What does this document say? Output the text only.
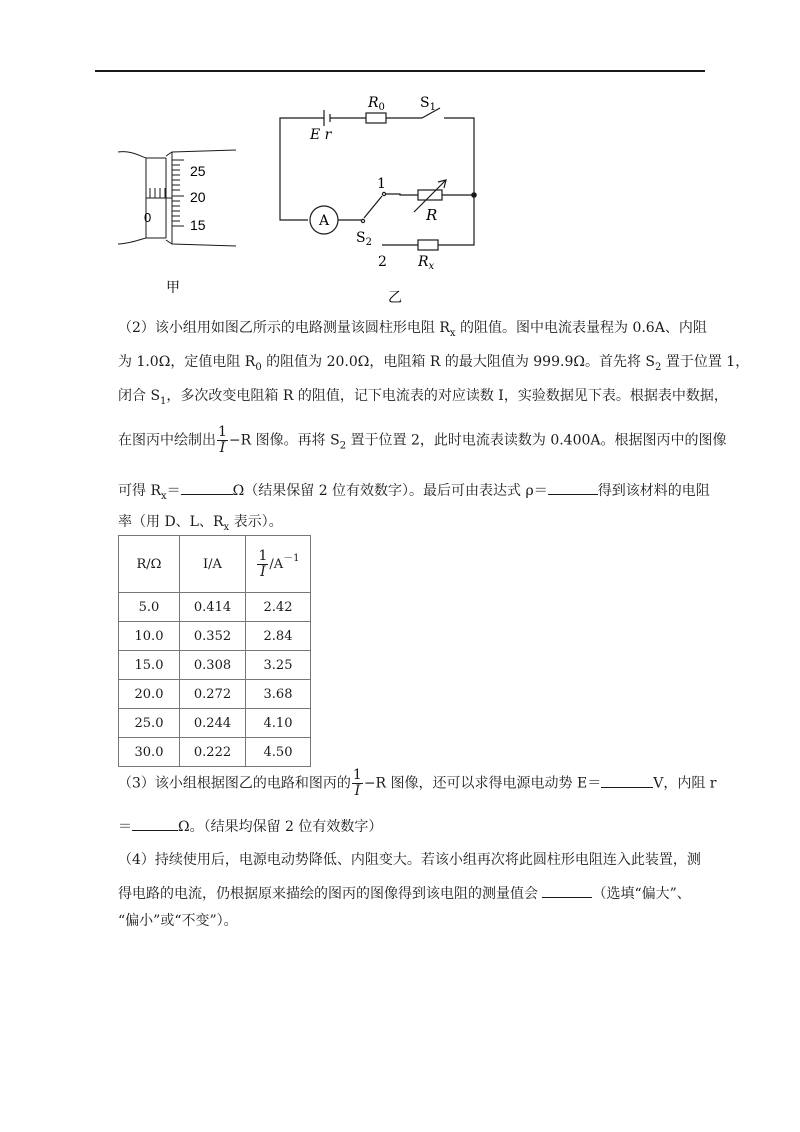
25
20
15
0
甲
E r
$R_0$	$S_1$
A
1
2
$S_2$
R
$R_x$
乙
（2）该小组用如图乙所示的电路测量该圆柱形电阻 $R_x$ 的阻值。图中电流表量程为 0.6A、内阻
为 1.0Ω，定值电阻 $R_0$ 的阻值为 20.0Ω，电阻箱 R 的最大阻值为 999.9Ω。首先将 $S_2$ 置于位置 1，
闭合 $S_1$，多次改变电阻箱 R 的阻值，记下电流表的对应读数 I，实验数据见下表。根据表中数据，
在图丙中绘制出 $\frac{1}{I} -R$ 图像。再将 $S_2$ 置于位置 2，此时电流表读数为 0.400A。根据图丙中的图像
可得 $R_x=$	Ω（结果保留 2 位有效数字）。最后可由表达式 ρ＝	得到该材料的电阻
率（用 D、L、$R_x$ 表示）。
R/Ω	I/A	$\frac{1}{I} /A-1$
5.0	0.414	2.42
10.0	0.352	2.84
15.0	0.308	3.25
20.0	0.272	3.68
25.0	0.244	4.10
30.0	0.222	4.50
（3）该小组根据图乙的电路和图丙的 $\frac{1}{I} -R$ 图像，还可以求得电源电动势 E＝	V，内阻 r
＝	Ω。（结果均保留 2 位有效数字）
（4）持续使用后，电源电动势降低、内阻变大。若该小组再次将此圆柱形电阻连入此装置，测
得电路的电流，仍根据原来描绘的图丙的图像得到该电阻的测量值会	（选填“偏大”、
“偏小”或“不变”）。
